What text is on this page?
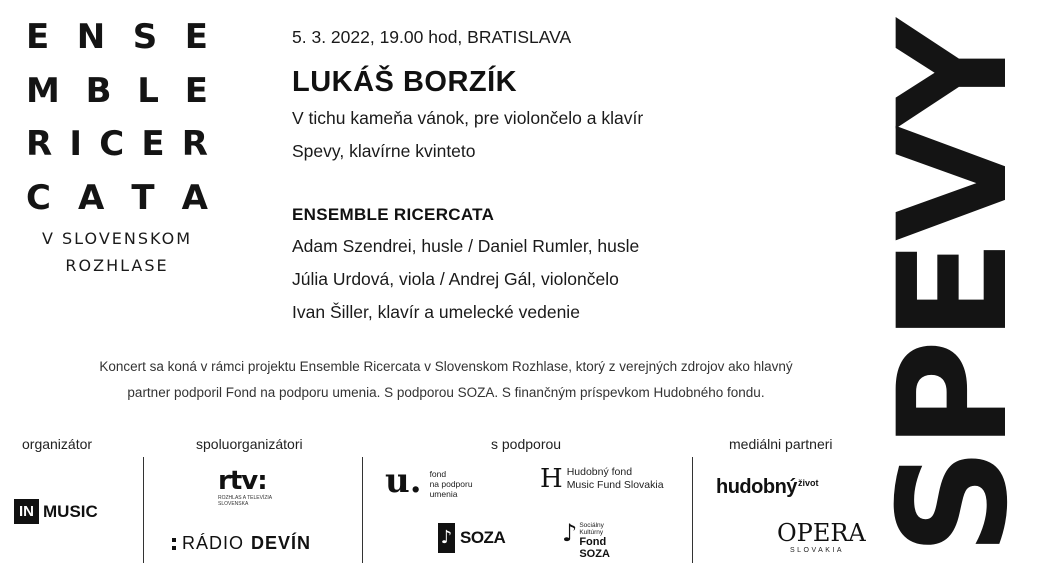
E N S E
M B L E
R I C E R
C A T A
V SLOVENSKOM
ROZHLASE
5. 3. 2022, 19.00 hod, BRATISLAVA
LUKÁŠ BORZÍK
V tichu kameňa vánok, pre violončelo a klavír
Spevy, klavírne kvinteto
ENSEMBLE RICERCATA
Adam Szendrei, husle / Daniel Rumler, husle
Júlia Urdová, viola / Andrej Gál, violončelo
Ivan Šiller, klavír a umelecké vedenie SPEVY
Koncert sa koná v rámci projektu Ensemble Ricercata v Slovenskom Rozhlase, ktorý z verejných zdrojov ako hlavný
partner podporil Fond na podporu umenia. S podporou SOZA. S finančným príspevkom Hudobného fondu.
organizátor	spoluorganizátori	s podporou	mediálni partneri
IN MUSIC
rtv:
ROZHLAS A TELEVÍZIA SLOVENSKA
RÁDIO DEVÍN
u. fond
na podporu
umenia	H Hudobný fond
Music Fund Slovakia
♪ SOZA ♪ Sociálny
Kultúrny
Fond
SOZA
hudobný život
OPERA
SLOVAKIA
